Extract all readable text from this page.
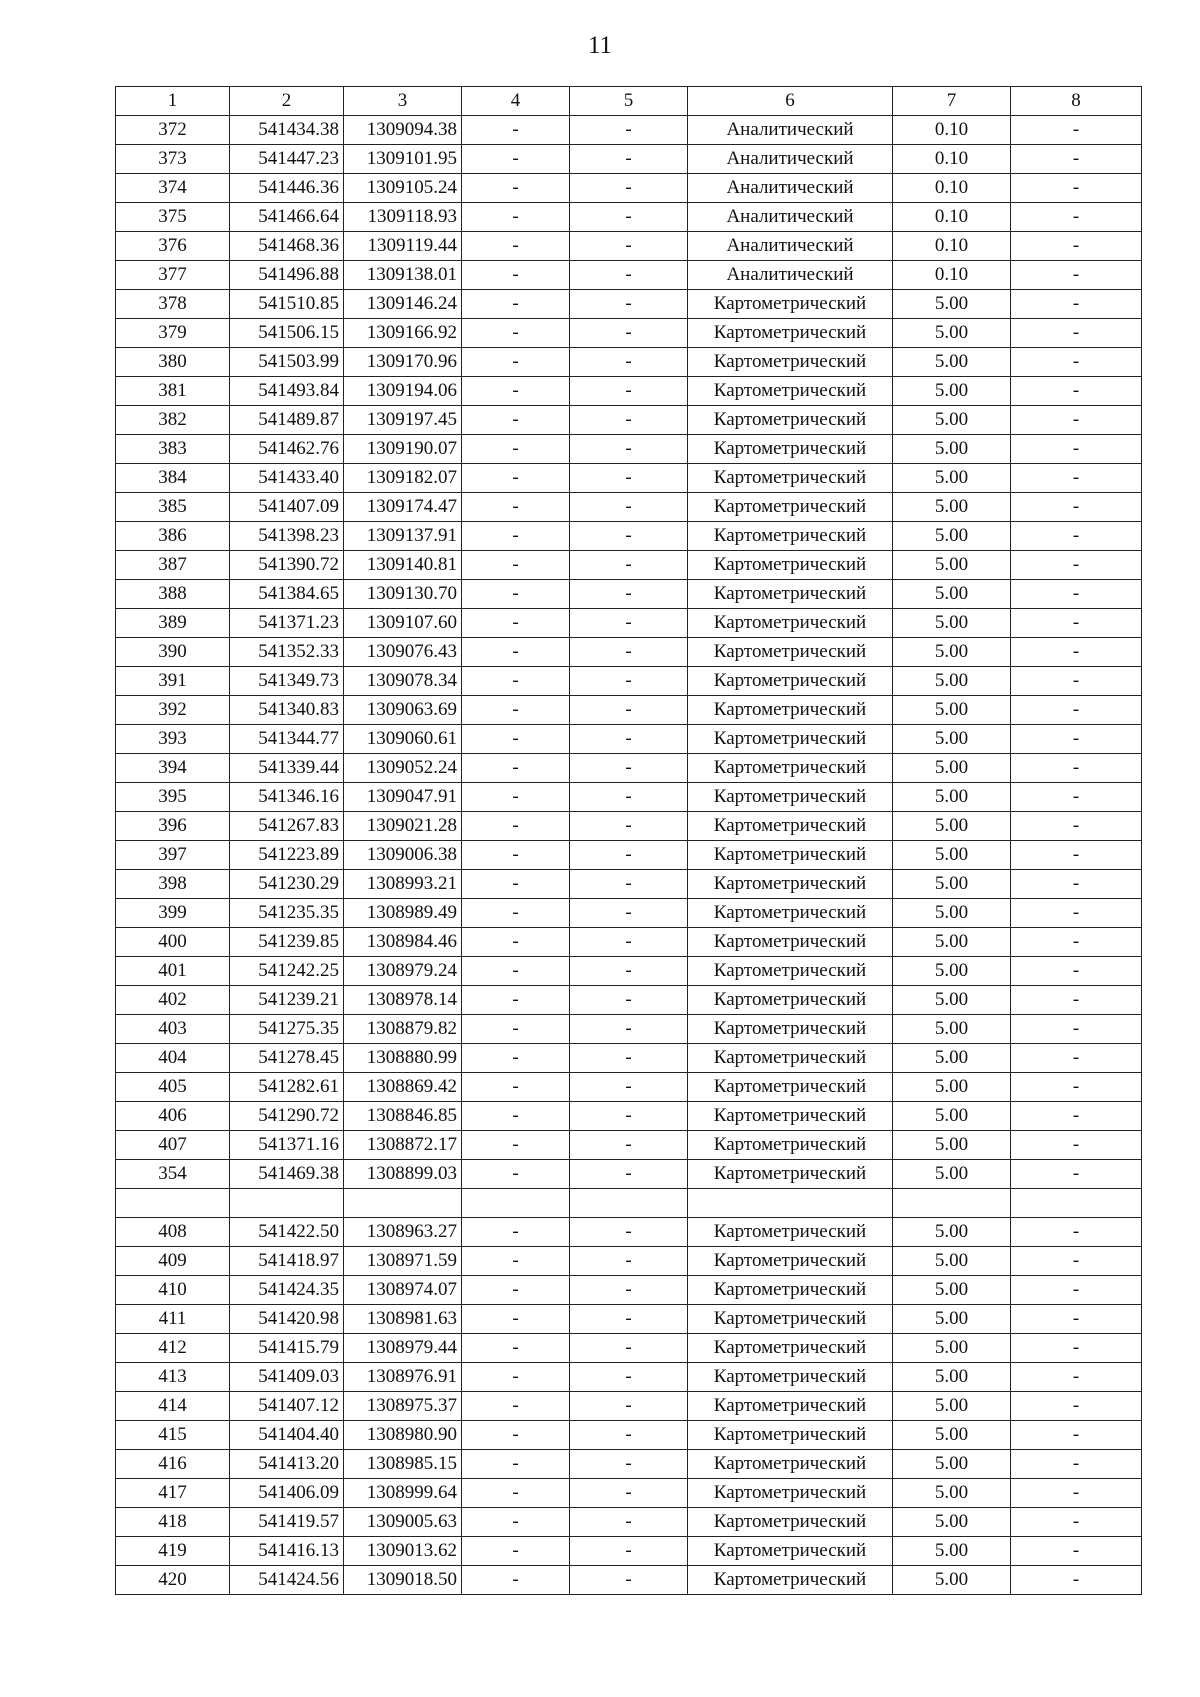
11
1	2	3	4	5	6	7	8
372	541434.38	1309094.38	-	-	Аналитический	0.10	-
373	541447.23	1309101.95	-	-	Аналитический	0.10	-
374	541446.36	1309105.24	-	-	Аналитический	0.10	-
375	541466.64	1309118.93	-	-	Аналитический	0.10	-
376	541468.36	1309119.44	-	-	Аналитический	0.10	-
377	541496.88	1309138.01	-	-	Аналитический	0.10	-
378	541510.85	1309146.24	-	-	Картометрический	5.00	-
379	541506.15	1309166.92	-	-	Картометрический	5.00	-
380	541503.99	1309170.96	-	-	Картометрический	5.00	-
381	541493.84	1309194.06	-	-	Картометрический	5.00	-
382	541489.87	1309197.45	-	-	Картометрический	5.00	-
383	541462.76	1309190.07	-	-	Картометрический	5.00	-
384	541433.40	1309182.07	-	-	Картометрический	5.00	-
385	541407.09	1309174.47	-	-	Картометрический	5.00	-
386	541398.23	1309137.91	-	-	Картометрический	5.00	-
387	541390.72	1309140.81	-	-	Картометрический	5.00	-
388	541384.65	1309130.70	-	-	Картометрический	5.00	-
389	541371.23	1309107.60	-	-	Картометрический	5.00	-
390	541352.33	1309076.43	-	-	Картометрический	5.00	-
391	541349.73	1309078.34	-	-	Картометрический	5.00	-
392	541340.83	1309063.69	-	-	Картометрический	5.00	-
393	541344.77	1309060.61	-	-	Картометрический	5.00	-
394	541339.44	1309052.24	-	-	Картометрический	5.00	-
395	541346.16	1309047.91	-	-	Картометрический	5.00	-
396	541267.83	1309021.28	-	-	Картометрический	5.00	-
397	541223.89	1309006.38	-	-	Картометрический	5.00	-
398	541230.29	1308993.21	-	-	Картометрический	5.00	-
399	541235.35	1308989.49	-	-	Картометрический	5.00	-
400	541239.85	1308984.46	-	-	Картометрический	5.00	-
401	541242.25	1308979.24	-	-	Картометрический	5.00	-
402	541239.21	1308978.14	-	-	Картометрический	5.00	-
403	541275.35	1308879.82	-	-	Картометрический	5.00	-
404	541278.45	1308880.99	-	-	Картометрический	5.00	-
405	541282.61	1308869.42	-	-	Картометрический	5.00	-
406	541290.72	1308846.85	-	-	Картометрический	5.00	-
407	541371.16	1308872.17	-	-	Картометрический	5.00	-
354	541469.38	1308899.03	-	-	Картометрический	5.00	-

408	541422.50	1308963.27	-	-	Картометрический	5.00	-
409	541418.97	1308971.59	-	-	Картометрический	5.00	-
410	541424.35	1308974.07	-	-	Картометрический	5.00	-
411	541420.98	1308981.63	-	-	Картометрический	5.00	-
412	541415.79	1308979.44	-	-	Картометрический	5.00	-
413	541409.03	1308976.91	-	-	Картометрический	5.00	-
414	541407.12	1308975.37	-	-	Картометрический	5.00	-
415	541404.40	1308980.90	-	-	Картометрический	5.00	-
416	541413.20	1308985.15	-	-	Картометрический	5.00	-
417	541406.09	1308999.64	-	-	Картометрический	5.00	-
418	541419.57	1309005.63	-	-	Картометрический	5.00	-
419	541416.13	1309013.62	-	-	Картометрический	5.00	-
420	541424.56	1309018.50	-	-	Картометрический	5.00	-
